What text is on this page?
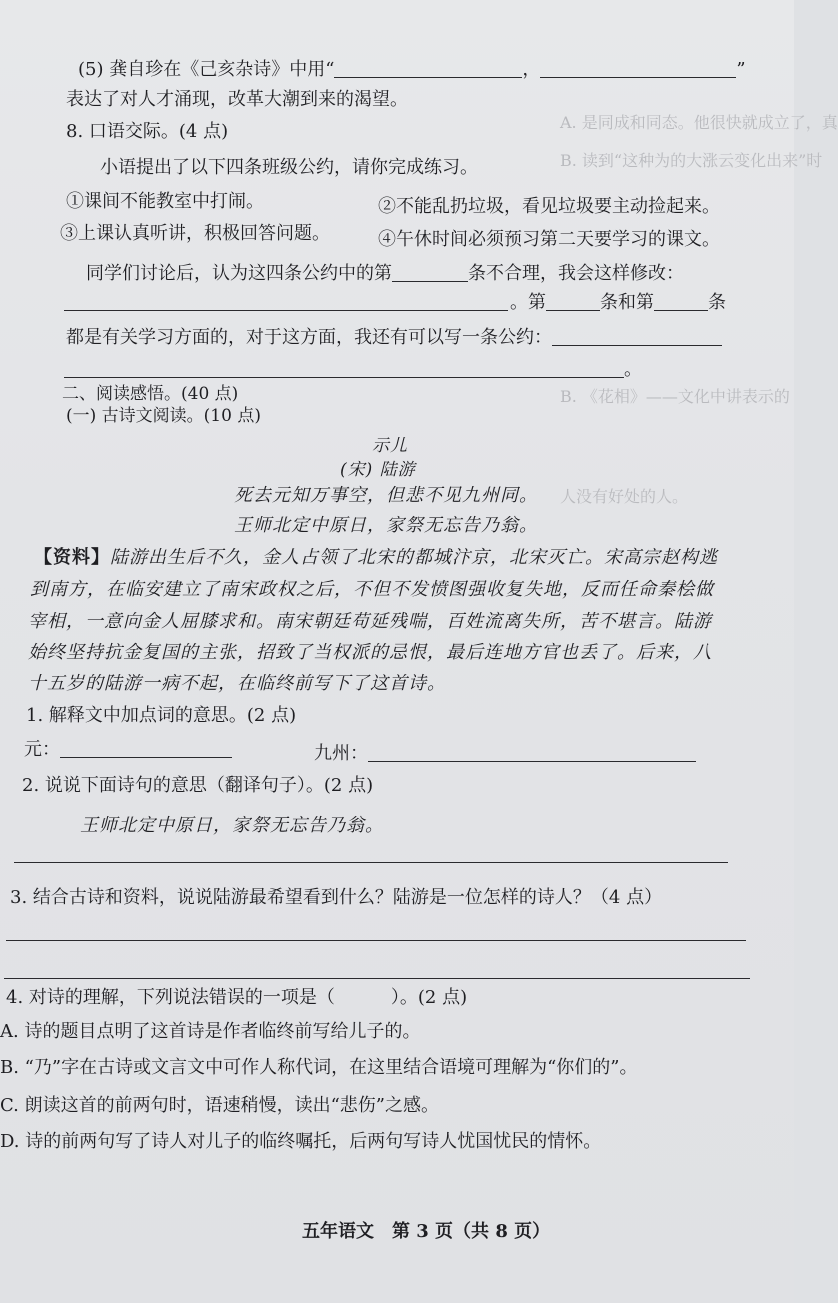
A. 是同成和同态。他很快就成立了，真
B. 读到“这种为的大涨云变化出来”时
B. 《花相》——文化中讲表示的
人没有好处的人。
(5) 龚自珍在《己亥杂诗》中用“	，	”
表达了对人才涌现，改革大潮到来的渴望。
8. 口语交际。(4 点)
小语提出了以下四条班级公约，请你完成练习。
①课间不能教室中打闹。	②不能乱扔垃圾，看见垃圾要主动捡起来。
③上课认真听讲，积极回答问题。	④午休时间必须预习第二天要学习的课文。
同学们讨论后，认为这四条公约中的第	条不合理，我会这样修改：
。第	条和第	条
都是有关学习方面的，对于这方面，我还有可以写一条公约：
。
二、阅读感悟。(40 点)
(一) 古诗文阅读。(10 点)
示儿
(宋) 陆游
死去元知万事空，但悲不见九州同。
王师北定中原日，家祭无忘告乃翁。
【资料】陆游出生后不久，金人占领了北宋的都城汴京，北宋灭亡。宋高宗赵构逃
到南方，在临安建立了南宋政权之后，不但不发愤图强收复失地，反而任命秦桧做
宰相，一意向金人屈膝求和。南宋朝廷苟延残喘，百姓流离失所，苦不堪言。陆游
始终坚持抗金复国的主张，招致了当权派的忌恨，最后连地方官也丢了。后来，八
十五岁的陆游一病不起，在临终前写下了这首诗。
1. 解释文中加点词的意思。(2 点)
元：	九州：
2. 说说下面诗句的意思（翻译句子）。(2 点)
王师北定中原日，家祭无忘告乃翁。
3. 结合古诗和资料，说说陆游最希望看到什么？陆游是一位怎样的诗人？（4 点）
4. 对诗的理解，下列说法错误的一项是（	）。(2 点)
A. 诗的题目点明了这首诗是作者临终前写给儿子的。
B. “乃”字在古诗或文言文中可作人称代词，在这里结合语境可理解为“你们的”。
C. 朗读这首的前两句时，语速稍慢，读出“悲伤”之感。
D. 诗的前两句写了诗人对儿子的临终嘱托，后两句写诗人忧国忧民的情怀。
五年语文　第 3 页（共 8 页）
